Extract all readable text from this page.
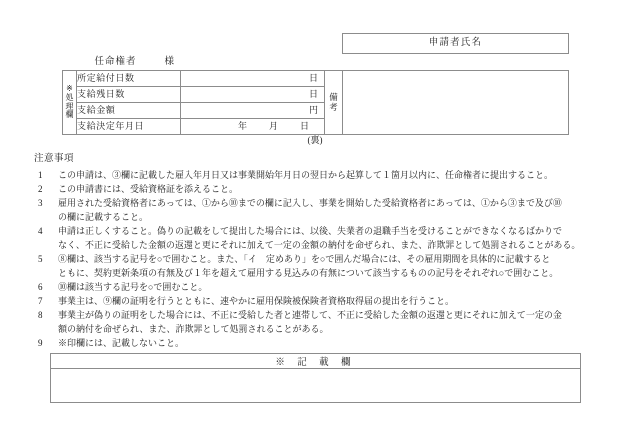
				申請者氏名

	任命権者 様			

※
処
理
欄	所定給付日数	日	備
考	

	支給残日数	日		

	支給金額	円		

	支給決定年月日	年 月 日		
(裏)
注意事項
1	この申請は、③欄に記載した雇入年月日又は事業開始年月日の翌日から起算して１箇月以内に、任命権者に提出すること。

2	この申請書には、受給資格証を添えること。

3	雇用された受給資格者にあっては、①から⑩までの欄に記入し、事業を開始した受給資格者にあっては、①から③まで及び⑩

の欄に記載すること。

4	申請は正しくすること。偽りの記載をして提出した場合には、以後、失業者の退職手当を受けることができなくなるばかりで

なく、不正に受給した金額の返還と更にそれに加えて一定の金額の納付を命ぜられ、また、詐欺罪として処罰されることがある。

5	⑧欄は、該当する記号を○で囲むこと。また、「イ　定めあり」を○で囲んだ場合には、その雇用期間を具体的に記載すると

ともに、契約更新条項の有無及び１年を超えて雇用する見込みの有無について該当するものの記号をそれぞれ○で囲むこと。

6	⑩欄は該当する記号を○で囲むこと。

7	事業主は、⑨欄の証明を行うとともに、速やかに雇用保険被保険者資格取得届の提出を行うこと。

8	事業主が偽りの証明をした場合には、不正に受給した者と連帯して、不正に受給した金額の返還と更にそれに加えて一定の金

額の納付を命ぜられ、また、詐欺罪として処罰されることがある。

9	※印欄には、記載しないこと。

※ 記 載 欄
